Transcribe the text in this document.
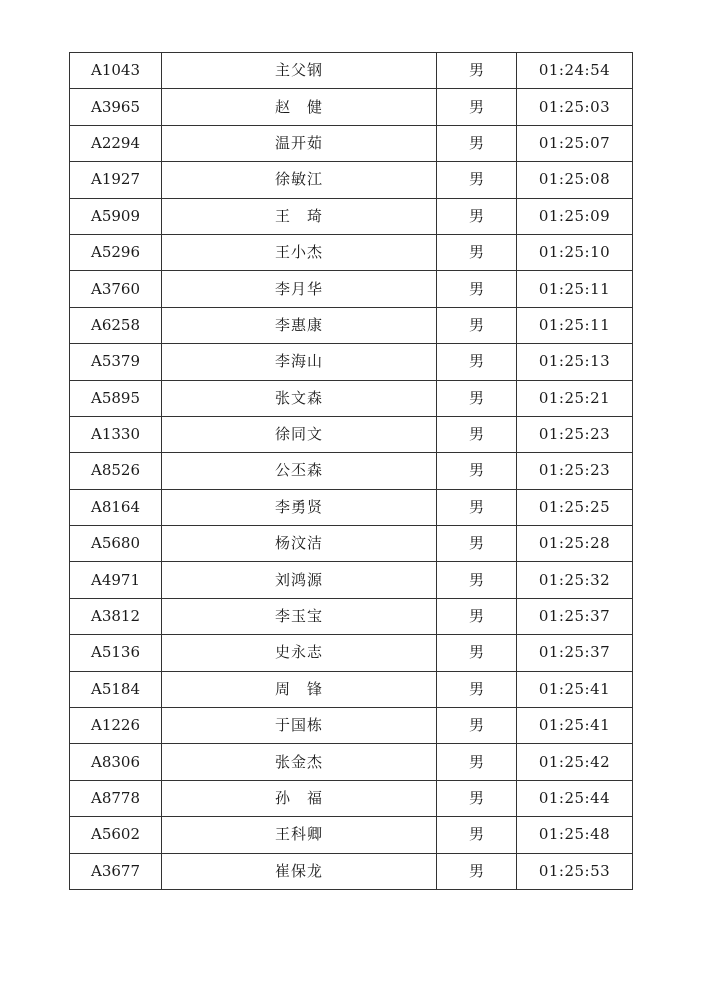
A1043	主父钢	男	01:24:54
A3965	赵　健	男	01:25:03
A2294	温开茹	男	01:25:07
A1927	徐敏江	男	01:25:08
A5909	王　琦	男	01:25:09
A5296	王小杰	男	01:25:10
A3760	李月华	男	01:25:11
A6258	李惠康	男	01:25:11
A5379	李海山	男	01:25:13
A5895	张文森	男	01:25:21
A1330	徐同文	男	01:25:23
A8526	公丕森	男	01:25:23
A8164	李勇贤	男	01:25:25
A5680	杨汶洁	男	01:25:28
A4971	刘鸿源	男	01:25:32
A3812	李玉宝	男	01:25:37
A5136	史永志	男	01:25:37
A5184	周　锋	男	01:25:41
A1226	于国栋	男	01:25:41
A8306	张金杰	男	01:25:42
A8778	孙　福	男	01:25:44
A5602	王科卿	男	01:25:48
A3677	崔保龙	男	01:25:53
